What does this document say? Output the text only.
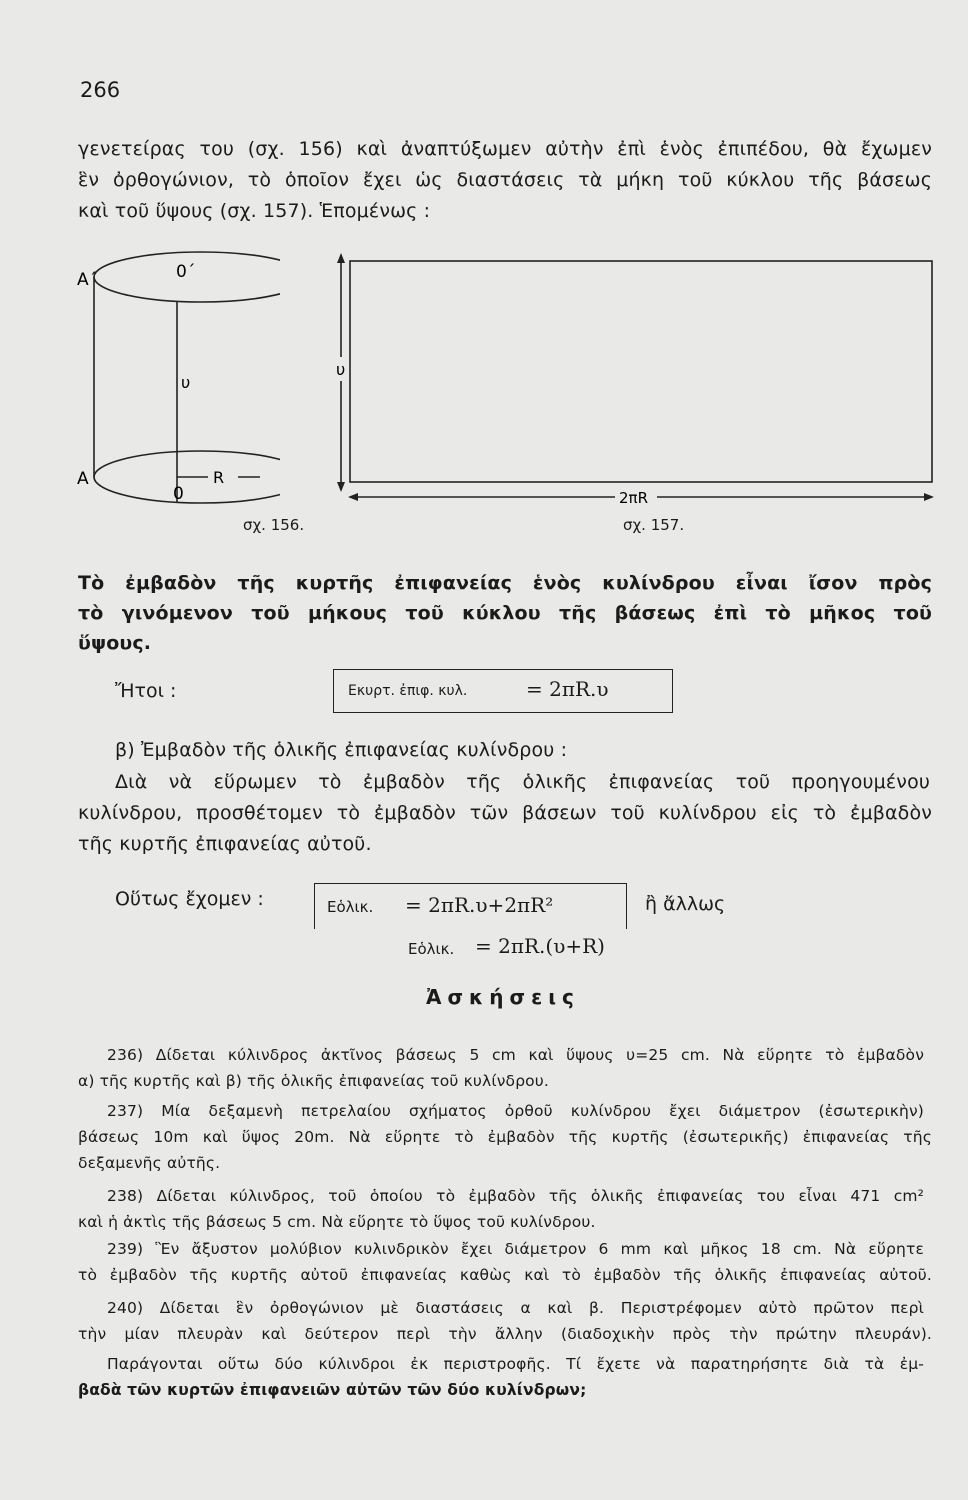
266
γενετείρας του (σχ. 156) καὶ ἀναπτύξωμεν αὐτὴν ἐπὶ ἑνὸς ἐπιπέδου, θὰ ἔχωμεν
ἓν ὀρθογώνιον, τὸ ὁποῖον ἔχει ὡς διαστάσεις τὰ μήκη τοῦ κύκλου τῆς βάσεως
καὶ τοῦ ὕψους (σχ. 157). Ἑπομένως :
Α΄	0΄
υ
Α
0
R
σχ. 156.
υ
2πR
σχ. 157.
Τὸ ἐμβαδὸν τῆς κυρτῆς ἐπιφανείας ἑνὸς κυλίνδρου εἶναι ἴσον πρὸς
τὸ γινόμενον τοῦ μήκους τοῦ κύκλου τῆς βάσεως ἐπὶ τὸ μῆκος τοῦ
ὕψους.
Ἤτοι :	Εκυρτ. ἐπιφ. κυλ.	= 2πR.υ
β) Ἐμβαδὸν τῆς ὁλικῆς ἐπιφανείας κυλίνδρου :
Διὰ νὰ εὕρωμεν τὸ ἐμβαδὸν τῆς ὁλικῆς ἐπιφανείας τοῦ προηγουμένου
κυλίνδρου, προσθέτομεν τὸ ἐμβαδὸν τῶν βάσεων τοῦ κυλίνδρου εἰς τὸ ἐμβαδὸν
τῆς κυρτῆς ἐπιφανείας αὐτοῦ.
Οὕτως ἔχομεν :	Εὁλικ. = 2πR.υ+2πR²	ἢ ἄλλως
Εὁλικ. = 2πR.(υ+R)
Ἀσκήσεις
236) Δίδεται κύλινδρος ἀκτῖνος βάσεως 5 cm καὶ ὕψους υ=25 cm. Νὰ εὕρητε τὸ ἐμβαδὸν
α) τῆς κυρτῆς καὶ β) τῆς ὁλικῆς ἐπιφανείας τοῦ κυλίνδρου.
237) Μία δεξαμενὴ πετρελαίου σχήματος ὀρθοῦ κυλίνδρου ἔχει διάμετρον (ἐσωτερικὴν)
βάσεως 10m καὶ ὕψος 20m. Νὰ εὕρητε τὸ ἐμβαδὸν τῆς κυρτῆς (ἐσωτερικῆς) ἐπιφανείας τῆς
δεξαμενῆς αὐτῆς.
238) Δίδεται κύλινδρος, τοῦ ὁποίου τὸ ἐμβαδὸν τῆς ὁλικῆς ἐπιφανείας του εἶναι 471 cm²
καὶ ἡ ἀκτὶς τῆς βάσεως 5 cm. Νὰ εὕρητε τὸ ὕψος τοῦ κυλίνδρου.
239) Ἓν ἄξυστον μολύβιον κυλινδρικὸν ἔχει διάμετρον 6 mm καὶ μῆκος 18 cm. Νὰ εὕρητε
τὸ ἐμβαδὸν τῆς κυρτῆς αὐτοῦ ἐπιφανείας καθὼς καὶ τὸ ἐμβαδὸν τῆς ὁλικῆς ἐπιφανείας αὐτοῦ.
240) Δίδεται ἓν ὀρθογώνιον μὲ διαστάσεις α καὶ β. Περιστρέφομεν αὐτὸ πρῶτον περὶ
τὴν μίαν πλευρὰν καὶ δεύτερον περὶ τὴν ἄλλην (διαδοχικὴν πρὸς τὴν πρώτην πλευράν).
Παράγονται οὕτω δύο κύλινδροι ἐκ περιστροφῆς. Τί ἔχετε νὰ παρατηρήσητε διὰ τὰ ἐμ-
βαδὰ τῶν κυρτῶν ἐπιφανειῶν αὐτῶν τῶν δύο κυλίνδρων;
